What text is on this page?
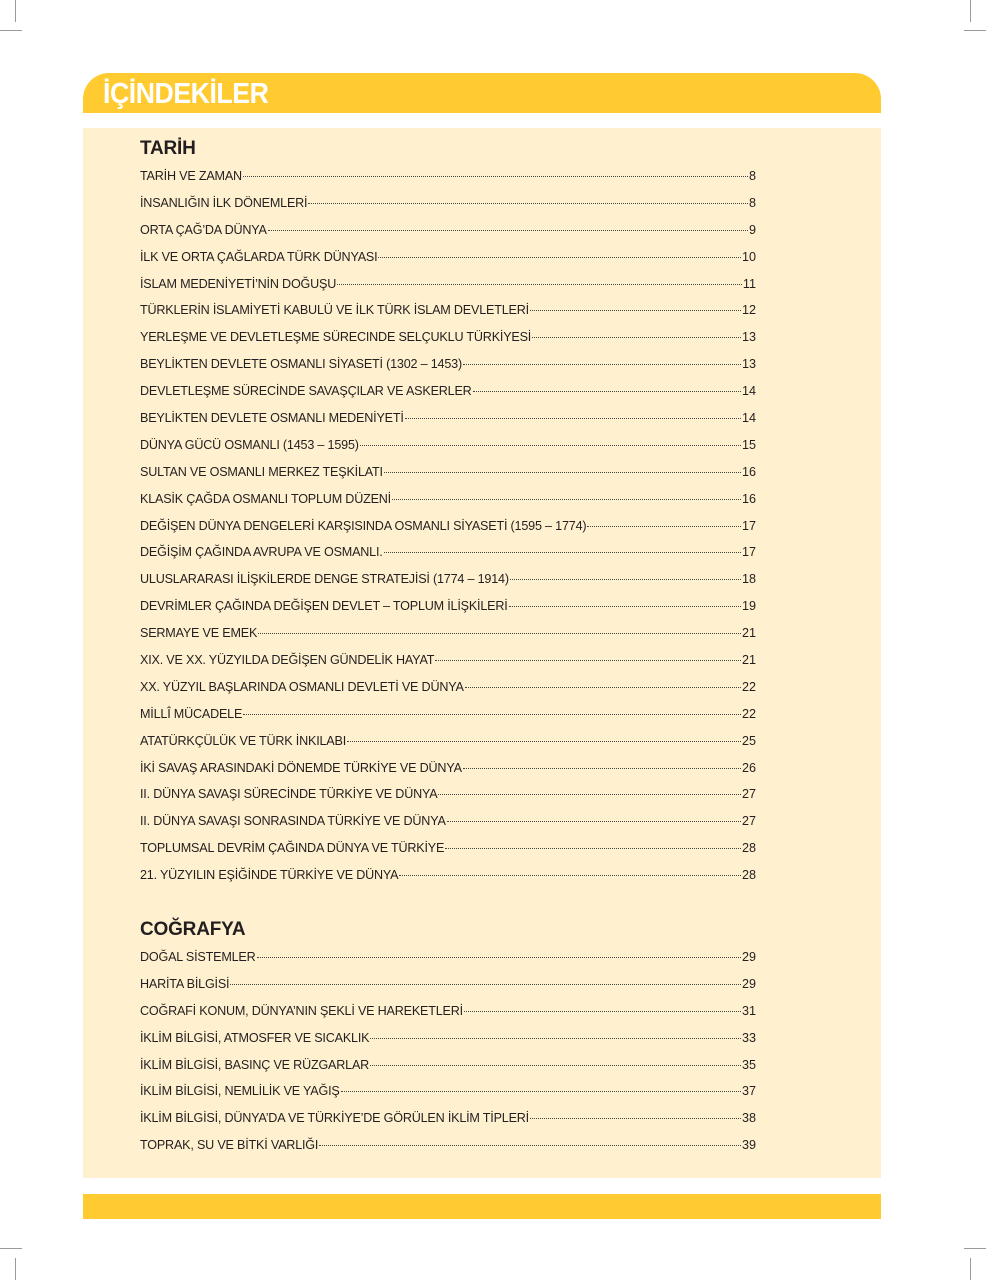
İÇİNDEKİLER
TARİH
TARİH VE ZAMAN	8
İNSANLIĞIN İLK DÖNEMLERİ	8
ORTA ÇAĞ’DA DÜNYA	9
İLK VE ORTA ÇAĞLARDA TÜRK DÜNYASI	10
İSLAM MEDENİYETİ’NİN DOĞUŞU	11
TÜRKLERİN İSLAMİYETİ KABULÜ VE İLK TÜRK İSLAM DEVLETLERİ	12
YERLEŞME VE DEVLETLEŞME SÜRECINDE SELÇUKLU TÜRKİYESİ	13
BEYLİKTEN DEVLETE OSMANLI SİYASETİ (1302 – 1453)	13
DEVLETLEŞME SÜRECİNDE SAVAŞÇILAR VE ASKERLER	14
BEYLİKTEN DEVLETE OSMANLI MEDENİYETİ	14
DÜNYA GÜCÜ OSMANLI (1453 – 1595)	15
SULTAN VE OSMANLI MERKEZ TEŞKİLATI	16
KLASİK ÇAĞDA OSMANLI TOPLUM DÜZENİ	16
DEĞİŞEN DÜNYA DENGELERİ KARŞISINDA OSMANLI SİYASETİ (1595 – 1774)	17
DEĞİŞİM ÇAĞINDA AVRUPA VE OSMANLI.	17
ULUSLARARASI İLİŞKİLERDE DENGE STRATEJİSİ (1774 – 1914)	18
DEVRİMLER ÇAĞINDA DEĞİŞEN DEVLET – TOPLUM İLİŞKİLERİ	19
SERMAYE VE EMEK	21
XIX. VE XX. YÜZYILDA DEĞİŞEN GÜNDELİK HAYAT	21
XX. YÜZYIL BAŞLARINDA OSMANLI DEVLETİ VE DÜNYA	22
MİLLÎ MÜCADELE	22
ATATÜRKÇÜLÜK VE TÜRK İNKILABI	25
İKİ SAVAŞ ARASINDAKİ DÖNEMDE TÜRKİYE VE DÜNYA	26
II. DÜNYA SAVAŞI SÜRECİNDE TÜRKİYE VE DÜNYA	27
II. DÜNYA SAVAŞI SONRASINDA TÜRKİYE VE DÜNYA	27
TOPLUMSAL DEVRİM ÇAĞINDA DÜNYA VE TÜRKİYE	28
21. YÜZYILIN EŞİĞİNDE TÜRKİYE VE DÜNYA	28
COĞRAFYA
DOĞAL SİSTEMLER	29
HARİTA BİLGİSİ	29
COĞRAFİ KONUM, DÜNYA’NIN ŞEKLİ VE HAREKETLERİ	31
İKLİM BİLGİSİ, ATMOSFER VE SICAKLIK	33
İKLİM BİLGİSİ, BASINÇ VE RÜZGARLAR	35
İKLİM BİLGİSİ, NEMLİLİK VE YAĞIŞ	37
İKLİM BİLGİSİ, DÜNYA’DA VE TÜRKİYE’DE GÖRÜLEN İKLİM TİPLERİ	38
TOPRAK, SU VE BİTKİ VARLIĞI	39
